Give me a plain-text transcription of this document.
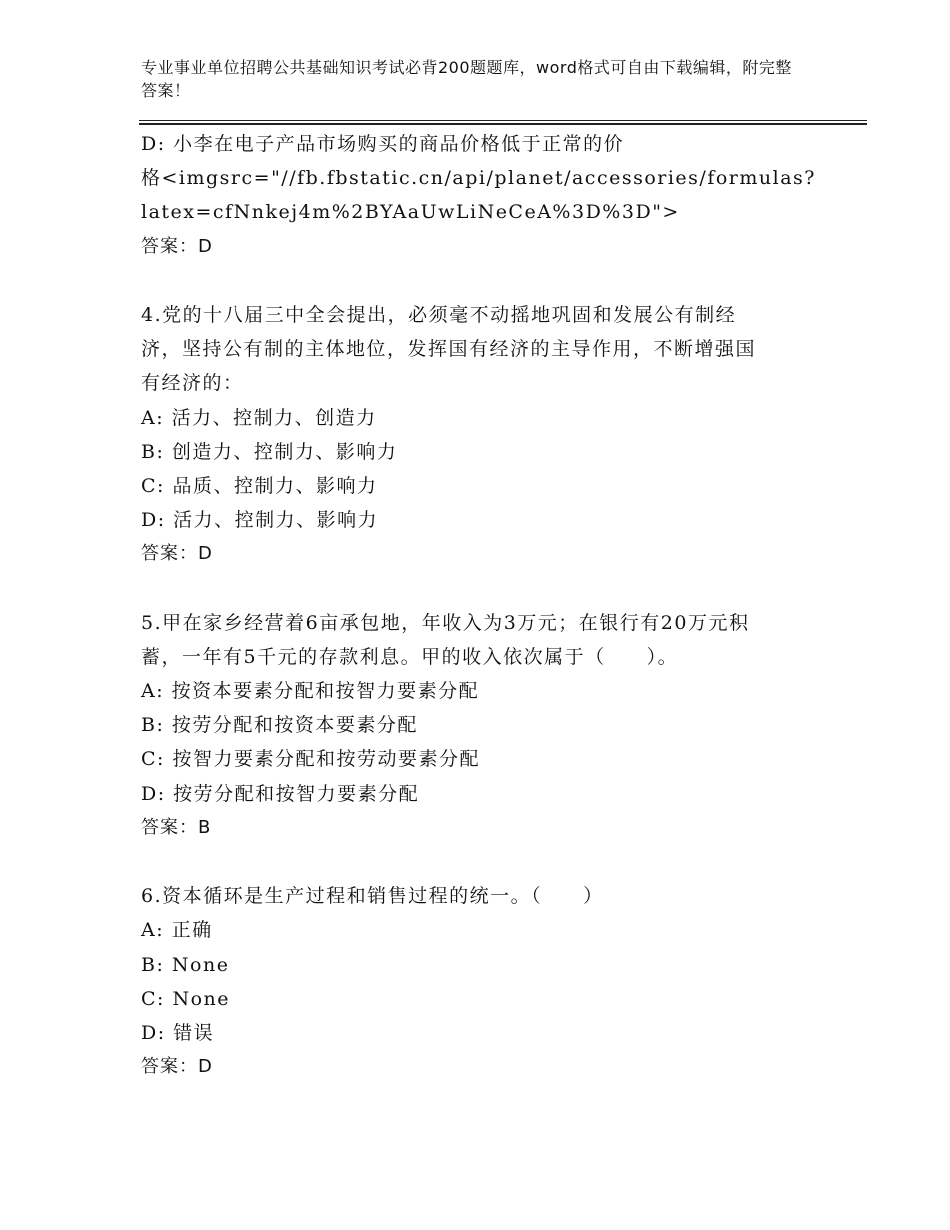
专业事业单位招聘公共基础知识考试必背200题题库，word格式可自由下载编辑，附完整答案！
D: 小李在电子产品市场购买的商品价格低于正常的价
格<imgsrc="//fb.fbstatic.cn/api/planet/accessories/formulas?
latex=cfNnkej4m%2BYAaUwLiNeCeA%3D%3D">
答案：D
4.党的十八届三中全会提出，必须毫不动摇地巩固和发展公有制经
济，坚持公有制的主体地位，发挥国有经济的主导作用，不断增强国
有经济的：
A: 活力、控制力、创造力
B: 创造力、控制力、影响力
C: 品质、控制力、影响力
D: 活力、控制力、影响力
答案：D
5.甲在家乡经营着6亩承包地，年收入为3万元；在银行有20万元积
蓄，一年有5千元的存款利息。甲的收入依次属于（　　）。
A: 按资本要素分配和按智力要素分配
B: 按劳分配和按资本要素分配
C: 按智力要素分配和按劳动要素分配
D: 按劳分配和按智力要素分配
答案：B
6.资本循环是生产过程和销售过程的统一。（　　）
A: 正确
B: None
C: None
D: 错误
答案：D
